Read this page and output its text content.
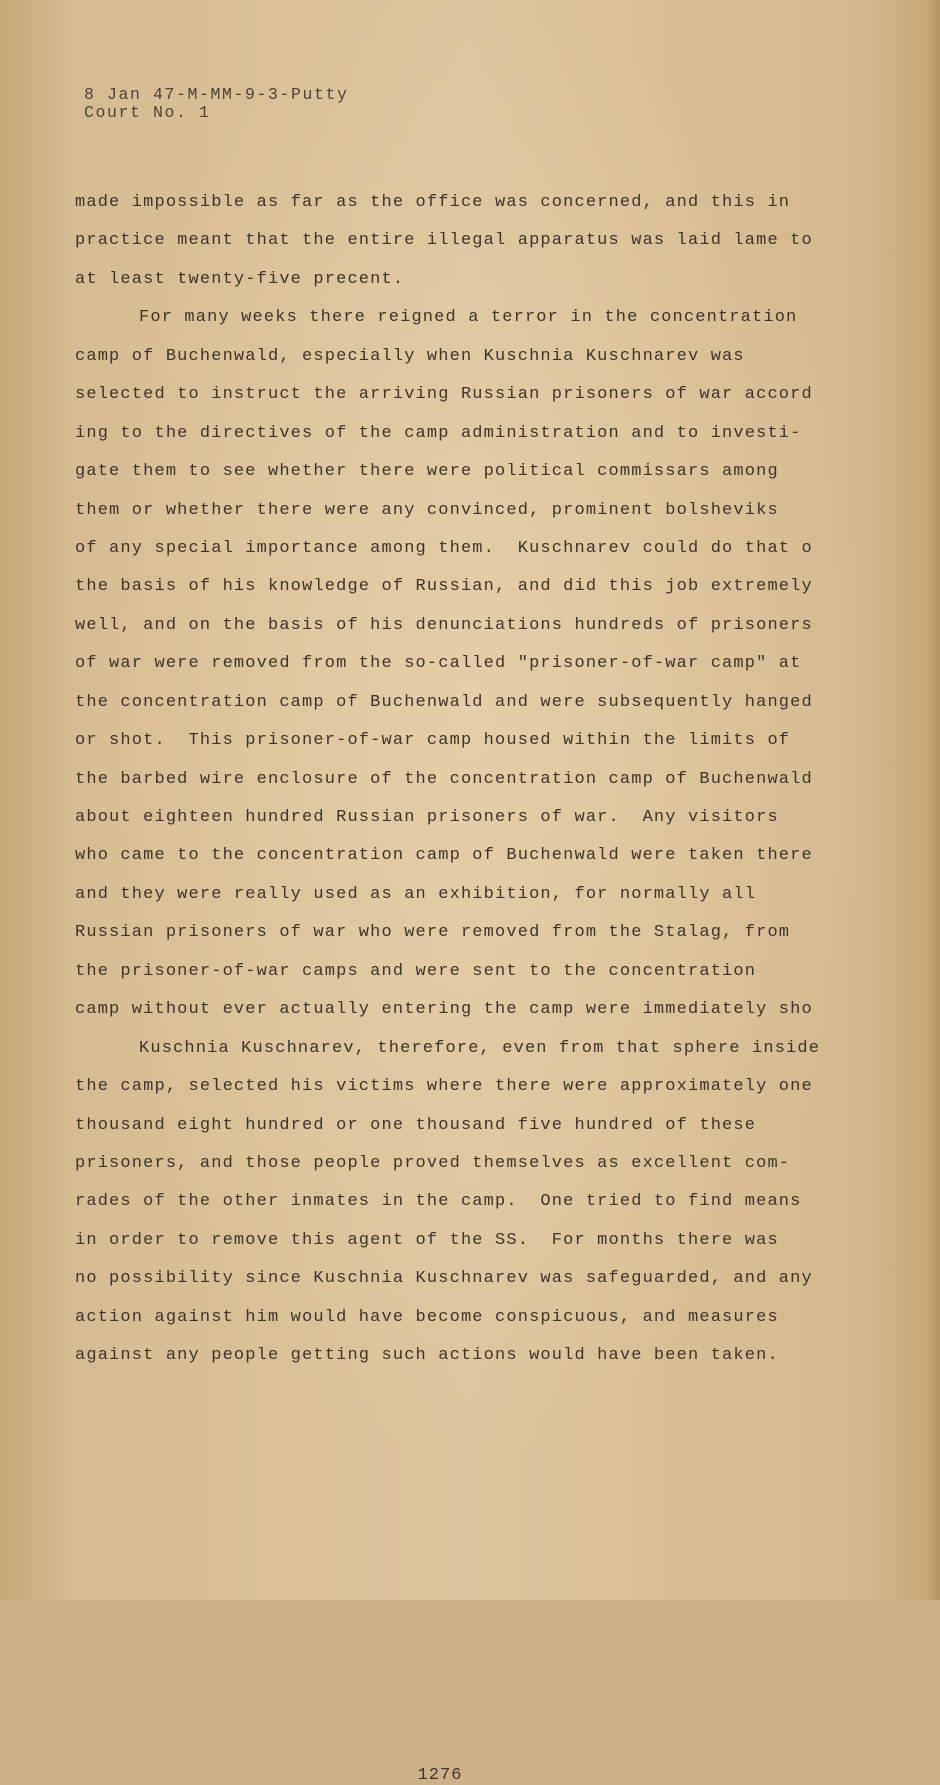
8 Jan 47-M-MM-9-3-Putty
Court No. 1
made impossible as far as the office was concerned, and this in
practice meant that the entire illegal apparatus was laid lame to
at least twenty-five precent.
For many weeks there reigned a terror in the concentration
camp of Buchenwald, especially when Kuschnia Kuschnarev was
selected to instruct the arriving Russian prisoners of war accord
ing to the directives of the camp administration and to investi-
gate them to see whether there were political commissars among
them or whether there were any convinced, prominent bolsheviks
of any special importance among them.  Kuschnarev could do that o
the basis of his knowledge of Russian, and did this job extremely
well, and on the basis of his denunciations hundreds of prisoners
of war were removed from the so-called "prisoner-of-war camp" at
the concentration camp of Buchenwald and were subsequently hanged
or shot.  This prisoner-of-war camp housed within the limits of
the barbed wire enclosure of the concentration camp of Buchenwald
about eighteen hundred Russian prisoners of war.  Any visitors
who came to the concentration camp of Buchenwald were taken there
and they were really used as an exhibition, for normally all
Russian prisoners of war who were removed from the Stalag, from
the prisoner-of-war camps and were sent to the concentration
camp without ever actually entering the camp were immediately sho
Kuschnia Kuschnarev, therefore, even from that sphere inside
the camp, selected his victims where there were approximately one
thousand eight hundred or one thousand five hundred of these
prisoners, and those people proved themselves as excellent com-
rades of the other inmates in the camp.  One tried to find means
in order to remove this agent of the SS.  For months there was
no possibility since Kuschnia Kuschnarev was safeguarded, and any
action against him would have become conspicuous, and measures
against any people getting such actions would have been taken.
1276
